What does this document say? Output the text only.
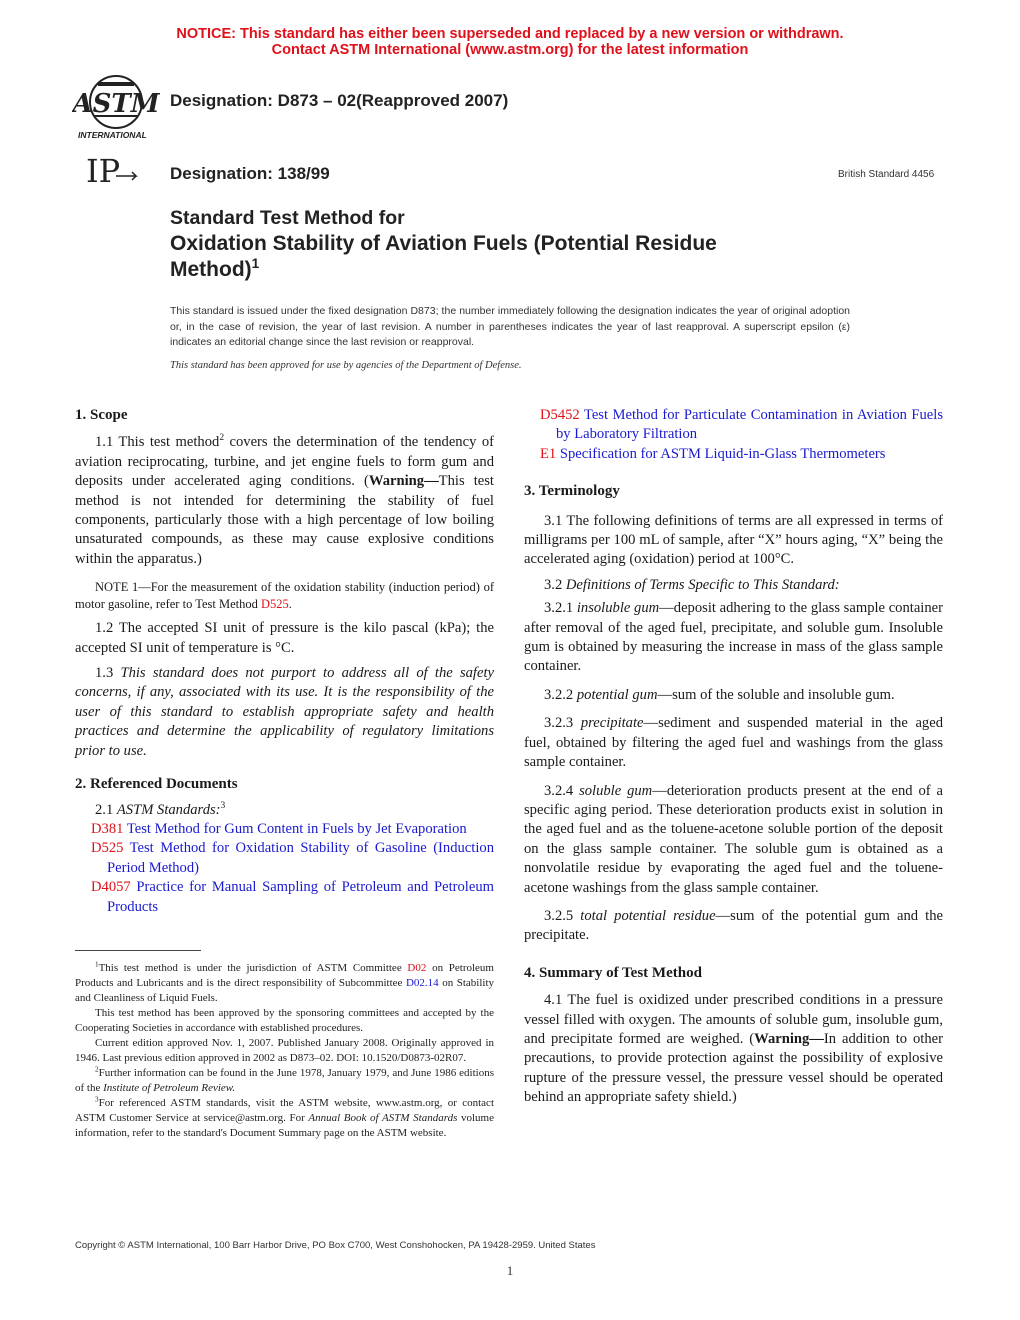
NOTICE: This standard has either been superseded and replaced by a new version or withdrawn.
Contact ASTM International (www.astm.org) for the latest information
ASTM
INTERNATIONAL
Designation: D873 – 02(Reapproved 2007)
IP	Designation: 138/99	British Standard 4456
Standard Test Method for
Oxidation Stability of Aviation Fuels (Potential Residue
Method)$^1$
This standard is issued under the fixed designation D873; the number immediately following the designation indicates the year of original adoption or, in the case of revision, the year of last revision. A number in parentheses indicates the year of last reapproval. A superscript epsilon (ε) indicates an editorial change since the last revision or reapproval.
This standard has been approved for use by agencies of the Department of Defense.

1. Scope

1.1 This test method$^2$ covers the determination of the tendency of aviation reciprocating, turbine, and jet engine fuels to form gum and deposits under accelerated aging conditions. (Warning—This test method is not intended for determining the stability of fuel components, particularly those with a high percentage of low boiling unsaturated compounds, as these may cause explosive conditions within the apparatus.)

NOTE 1—For the measurement of the oxidation stability (induction period) of motor gasoline, refer to Test Method D525.

1.2 The accepted SI unit of pressure is the kilo pascal (kPa); the accepted SI unit of temperature is °C.

1.3 This standard does not purport to address all of the safety concerns, if any, associated with its use. It is the responsibility of the user of this standard to establish appropriate safety and health practices and determine the applicability of regulatory limitations prior to use.

2. Referenced Documents

2.1 ASTM Standards:$^3$

D381 Test Method for Gum Content in Fuels by Jet Evaporation

D525 Test Method for Oxidation Stability of Gasoline (Induction Period Method)

D4057 Practice for Manual Sampling of Petroleum and Petroleum Products

$^1$This test method is under the jurisdiction of ASTM Committee D02 on Petroleum Products and Lubricants and is the direct responsibility of Subcommittee D02.14 on Stability and Cleanliness of Liquid Fuels.

This test method has been approved by the sponsoring committees and accepted by the Cooperating Societies in accordance with established procedures.

Current edition approved Nov. 1, 2007. Published January 2008. Originally approved in 1946. Last previous edition approved in 2002 as D873–02. DOI: 10.1520/D0873-02R07.

$^2$Further information can be found in the June 1978, January 1979, and June 1986 editions of the Institute of Petroleum Review.

$^3$For referenced ASTM standards, visit the ASTM website, www.astm.org, or contact ASTM Customer Service at service@astm.org. For Annual Book of ASTM Standards volume information, refer to the standard's Document Summary page on the ASTM website.

D5452 Test Method for Particulate Contamination in Aviation Fuels by Laboratory Filtration

E1 Specification for ASTM Liquid-in-Glass Thermometers

3. Terminology

3.1 The following definitions of terms are all expressed in terms of milligrams per 100 mL of sample, after “X” hours aging, “X” being the accelerated aging (oxidation) period at 100°C.

3.2 Definitions of Terms Specific to This Standard:

3.2.1 insoluble gum—deposit adhering to the glass sample container after removal of the aged fuel, precipitate, and soluble gum. Insoluble gum is obtained by measuring the increase in mass of the glass sample container.

3.2.2 potential gum—sum of the soluble and insoluble gum.

3.2.3 precipitate—sediment and suspended material in the aged fuel, obtained by filtering the aged fuel and washings from the glass sample container.

3.2.4 soluble gum—deterioration products present at the end of a specific aging period. These deterioration products exist in solution in the aged fuel and as the toluene-acetone soluble portion of the deposit on the glass sample container. The soluble gum is obtained as a nonvolatile residue by evaporating the aged fuel and the toluene-acetone washings from the glass sample container.

3.2.5 total potential residue—sum of the potential gum and the precipitate.

4. Summary of Test Method

4.1 The fuel is oxidized under prescribed conditions in a pressure vessel filled with oxygen. The amounts of soluble gum, insoluble gum, and precipitate formed are weighed. (Warning—In addition to other precautions, to provide protection against the possibility of explosive rupture of the pressure vessel, the pressure vessel should be operated behind an appropriate safety shield.)

Copyright © ASTM International, 100 Barr Harbor Drive, PO Box C700, West Conshohocken, PA 19428-2959. United States
1
